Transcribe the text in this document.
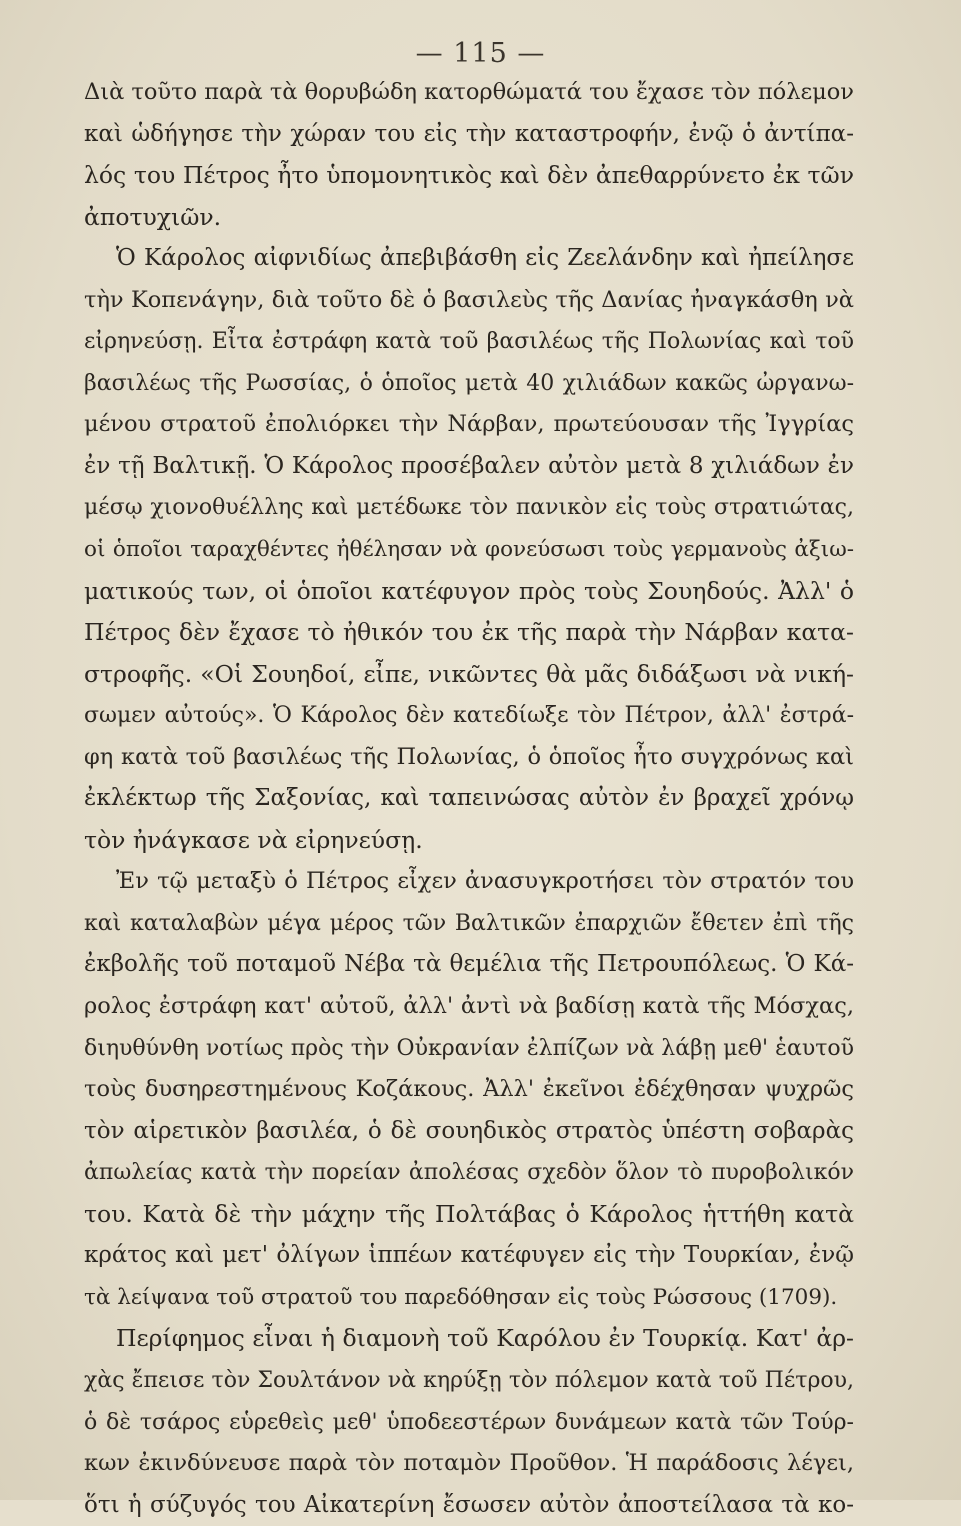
— 115 —
Διὰ τοῦτο παρὰ τὰ θορυβώδη κατορθώματά του ἔχασε τὸν πόλεμον
καὶ ὡδήγησε τὴν χώραν του εἰς τὴν καταστροφήν, ἐνῷ ὁ ἀντίπα-
λός του Πέτρος ἦτο ὑπομονητικὸς καὶ δὲν ἀπεθαρρύνετο ἐκ τῶν
ἀποτυχιῶν.
Ὁ Κάρολος αἰφνιδίως ἀπεβιβάσθη εἰς Ζεελάνδην καὶ ἠπείλησε
τὴν Κοπενάγην, διὰ τοῦτο δὲ ὁ βασιλεὺς τῆς Δανίας ἠναγκάσθη νὰ
εἰρηνεύσῃ. Εἶτα ἐστράφη κατὰ τοῦ βασιλέως τῆς Πολωνίας καὶ τοῦ
βασιλέως τῆς Ρωσσίας, ὁ ὁποῖος μετὰ 40 χιλιάδων κακῶς ὠργανω-
μένου στρατοῦ ἐπολιόρκει τὴν Νάρβαν, πρωτεύουσαν τῆς Ἰγγρίας
ἐν τῇ Βαλτικῇ. Ὁ Κάρολος προσέβαλεν αὐτὸν μετὰ 8 χιλιάδων ἐν
μέσῳ χιονοθυέλλης καὶ μετέδωκε τὸν πανικὸν εἰς τοὺς στρατιώτας,
οἱ ὁποῖοι ταραχθέντες ἠθέλησαν νὰ φονεύσωσι τοὺς γερμανοὺς ἀξιω-
ματικούς των, οἱ ὁποῖοι κατέφυγον πρὸς τοὺς Σουηδούς. Ἀλλ' ὁ
Πέτρος δὲν ἔχασε τὸ ἠθικόν του ἐκ τῆς παρὰ τὴν Νάρβαν κατα-
στροφῆς. «Οἱ Σουηδοί, εἶπε, νικῶντες θὰ μᾶς διδάξωσι νὰ νική-
σωμεν αὐτούς». Ὁ Κάρολος δὲν κατεδίωξε τὸν Πέτρον, ἀλλ' ἐστρά-
φη κατὰ τοῦ βασιλέως τῆς Πολωνίας, ὁ ὁποῖος ἦτο συγχρόνως καὶ
ἐκλέκτωρ τῆς Σαξονίας, καὶ ταπεινώσας αὐτὸν ἐν βραχεῖ χρόνῳ
τὸν ἠνάγκασε νὰ εἰρηνεύσῃ.
Ἐν τῷ μεταξὺ ὁ Πέτρος εἶχεν ἀνασυγκροτήσει τὸν στρατόν του
καὶ καταλαβὼν μέγα μέρος τῶν Βαλτικῶν ἐπαρχιῶν ἔθετεν ἐπὶ τῆς
ἐκβολῆς τοῦ ποταμοῦ Νέβα τὰ θεμέλια τῆς Πετρουπόλεως. Ὁ Κά-
ρολος ἐστράφη κατ' αὐτοῦ, ἀλλ' ἀντὶ νὰ βαδίσῃ κατὰ τῆς Μόσχας,
διηυθύνθη νοτίως πρὸς τὴν Οὐκρανίαν ἐλπίζων νὰ λάβῃ μεθ' ἑαυτοῦ
τοὺς δυσηρεστημένους Κοζάκους. Ἀλλ' ἐκεῖνοι ἐδέχθησαν ψυχρῶς
τὸν αἱρετικὸν βασιλέα, ὁ δὲ σουηδικὸς στρατὸς ὑπέστη σοβαρὰς
ἀπωλείας κατὰ τὴν πορείαν ἀπολέσας σχεδὸν ὅλον τὸ πυροβολικόν
του. Κατὰ δὲ τὴν μάχην τῆς Πολτάβας ὁ Κάρολος ἡττήθη κατὰ
κράτος καὶ μετ' ὀλίγων ἱππέων κατέφυγεν εἰς τὴν Τουρκίαν, ἐνῷ
τὰ λείψανα τοῦ στρατοῦ του παρεδόθησαν εἰς τοὺς Ρώσσους (1709).
Περίφημος εἶναι ἡ διαμονὴ τοῦ Καρόλου ἐν Τουρκίᾳ. Κατ' ἀρ-
χὰς ἔπεισε τὸν Σουλτάνον νὰ κηρύξῃ τὸν πόλεμον κατὰ τοῦ Πέτρου,
ὁ δὲ τσάρος εὑρεθεὶς μεθ' ὑποδεεστέρων δυνάμεων κατὰ τῶν Τούρ-
κων ἐκινδύνευσε παρὰ τὸν ποταμὸν Προῦθον. Ἡ παράδοσις λέγει,
ὅτι ἡ σύζυγός του Αἰκατερίνη ἔσωσεν αὐτὸν ἀποστείλασα τὰ κο-
